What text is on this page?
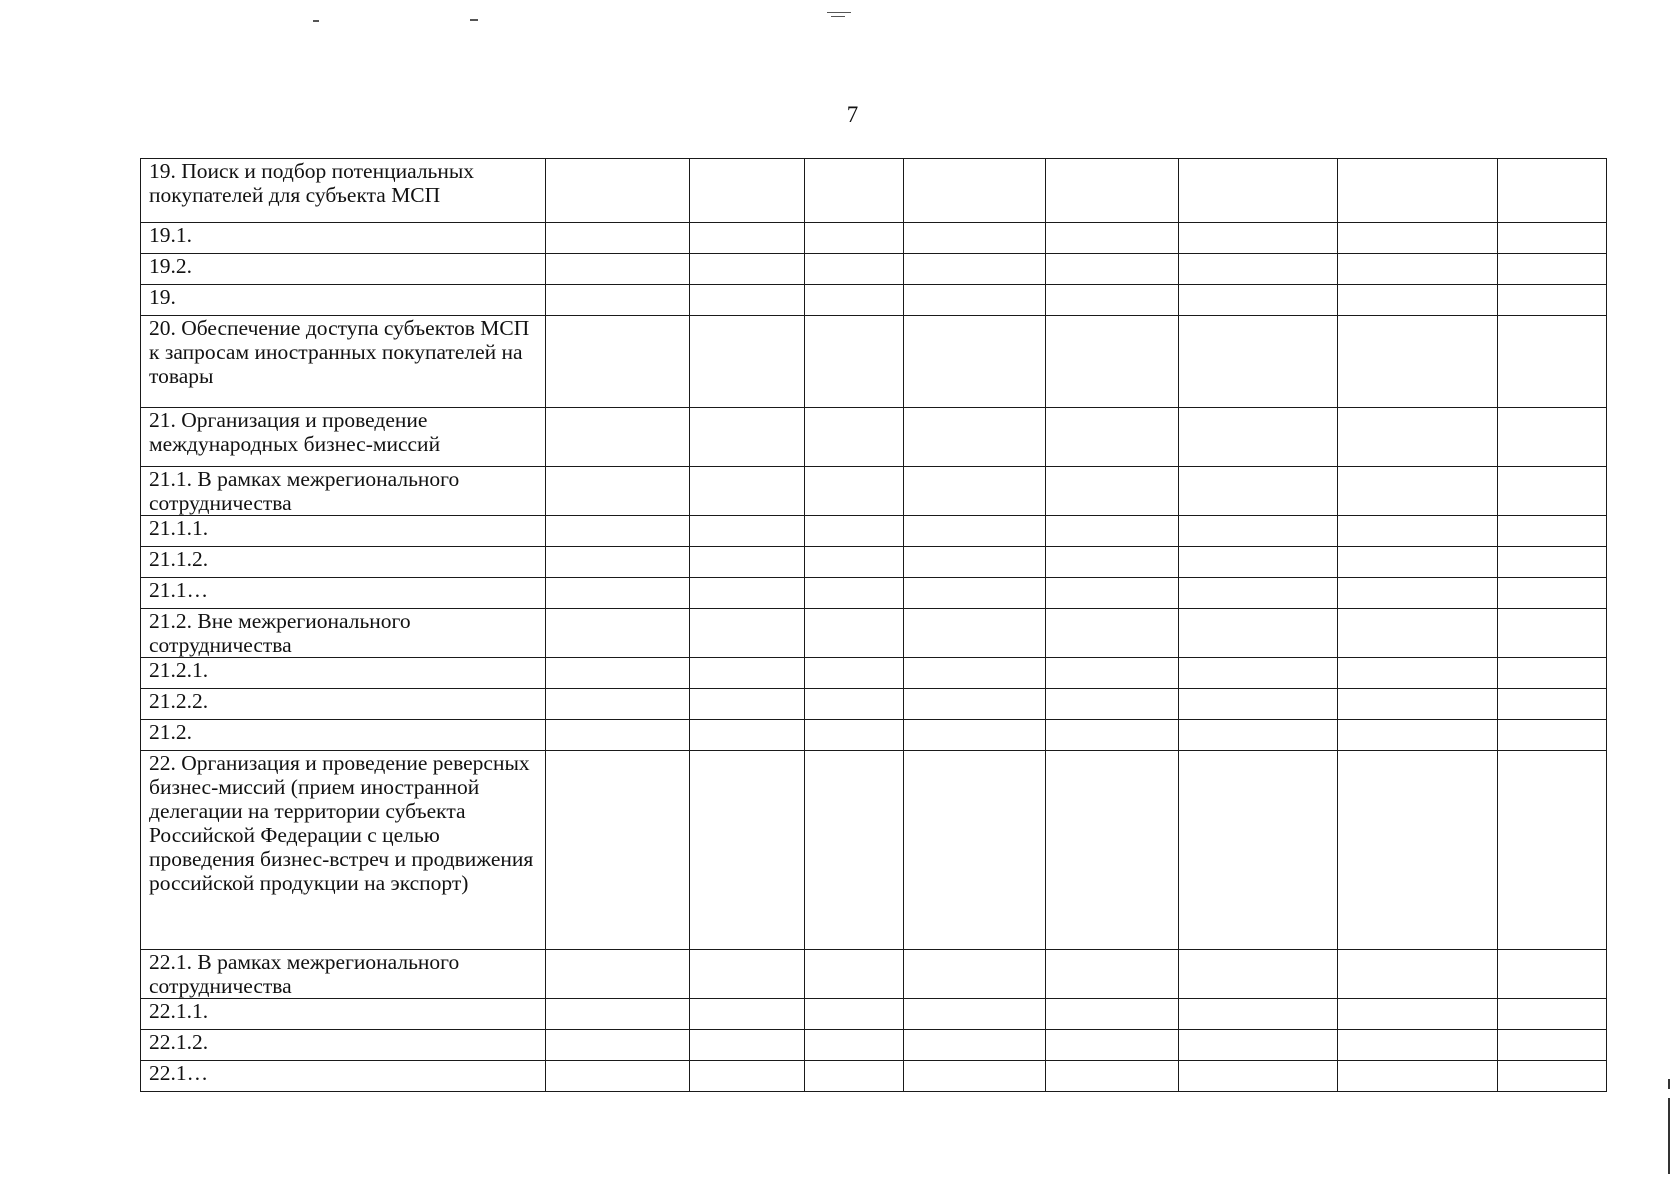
7
19. Поиск и подбор потенциальных покупателей для субъекта МСП								
19.1.								
19.2.								
19.								
20. Обеспечение доступа субъектов МСП к запросам иностранных покупателей на товары								
21. Организация и проведение международных бизнес-миссий								
21.1. В рамках межрегионального сотрудничества								
21.1.1.								
21.1.2.								
21.1…								
21.2. Вне межрегионального сотрудничества								
21.2.1.								
21.2.2.								
21.2.								
22. Организация и проведение реверсных бизнес-миссий (прием иностранной делегации на территории субъекта Российской Федерации с целью проведения бизнес-встреч и продвижения российской продукции на экспорт)								
22.1. В рамках межрегионального сотрудничества								
22.1.1.								
22.1.2.								
22.1…								
